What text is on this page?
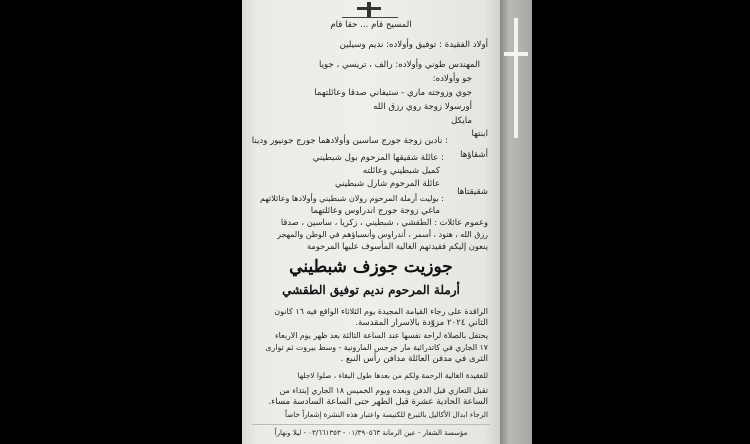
المسيح قام ... حقا قام
أولاد الفقيدة : توفيق وأولاده: نديم وسيلين
المهندس طوني وأولاده: رالف ، تريسي ، جويا
جو وأولاده:
جوي وزوجته ماري - ستيفاني صدقا وعائلتهما
أورسولا زوجة روي رزق الله
مايكل
ابنتها
: نادين زوجة جورج ساسين وأولادهما جورج جونيور ودينا
أشقاؤها
: عائلة شقيقها المرحوم بول شبطيني
كميل شبطيني وعائلته
عائلة المرحوم شارل شبطيني
شقيقتاها
: بوليت أرملة المرحوم رولان شبطيني وأولادها وعائلاتهم
ماغي زوجة جورج اندراوس وعائلتهما
وعموم عائلات : الطقشي ، شبطيني ، زكريا ، ساسين ، صدقا
رزق الله ، هنود ، أسمر ، أندراوس وأنسباؤهم في الوطن والمهجر
ينعون إليكم فقيدتهم الغالية المأسوف عليها المرحومة
جوزيت جوزف شبطيني
أرملة المرحوم نديم توفيق الطقشي
الراقدة على رجاء القيامة المجيدة يوم الثلاثاء الواقع فيه ١٦ كانون
الثاني ٢٠٢٤ مزوّدة بالاسرار المقدسة.
يحتفل بالصلاة لراحة نفسها عند الساعة الثالثة بعد ظهر يوم الاربعاء
١٧ الجاري في كاتدرائية مار جرجس المارونية - وسط بيروت ثم توارى
الثرى في مدفن العائلة مدافن رأس النبع .
للفقيدة الغالية الرحمة ولكم من بعدها طول البقاء ، صلوا لاجلها
تقبل التعازي قبل الدفن وبعده ويوم الخميس ١٨ الجاري إبتداء من
الساعة الحادية عشرة قبل الظهر حتى الساعة السادسة مساء.
الرجاء ابدال الأكاليل بالتبرع للكنيسة واعتبار هذه النشرة إشعاراً خاصاً
مؤسسة الشغار - عين الرمانة ٠١/٣٩٠٥٦٣ - ٠٣/٦٦١٣٥٣ - ليلا ونهاراً
